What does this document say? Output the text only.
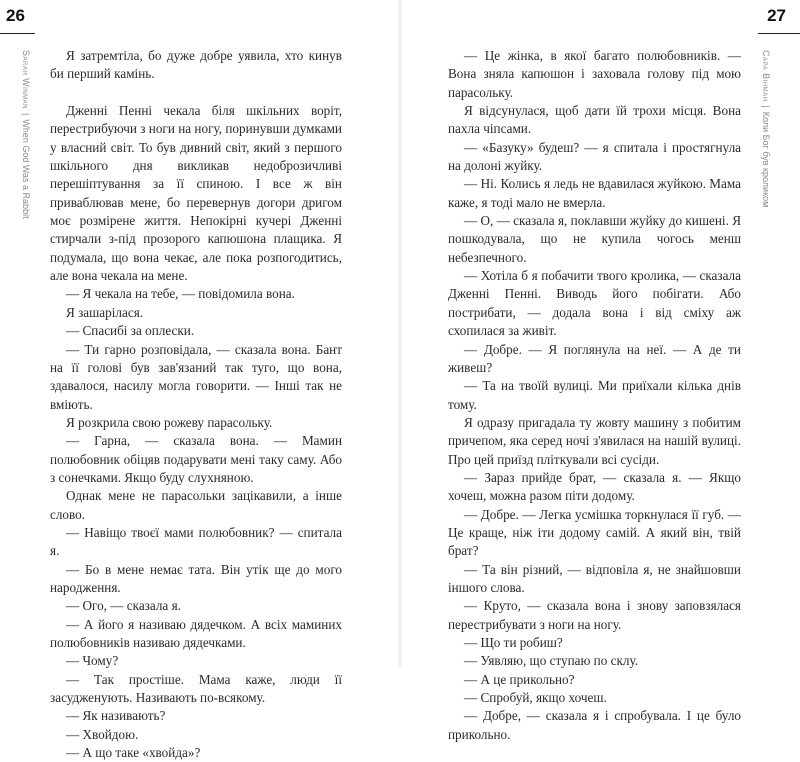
26
Sarah Winman|When God Was a Rabbit

Я затремтіла, бо дуже добре уявила, хто кинув би перший камінь.

Дженні Пенні чекала біля шкільних воріт, перестрибуючи з ноги на ногу, поринувши думками у власний світ. То був дивний світ, який з першого шкільного дня викликав недоброзичливі перешіптування за її спиною. І все ж він приваблював мене, бо перевернув догори дригом моє розмірене життя. Непокірні кучері Дженні стирчали з-під прозорого капюшона плащика. Я подумала, що вона чекає, але пока розпогодитись, але вона чекала на мене.

— Я чекала на тебе, — повідомила вона.

Я зашарілася.

— Спасибі за оплески.

— Ти гарно розповідала, — сказала вона. Бант на її голові був зав'язаний так туго, що вона, здавалося, насилу могла говорити. — Інші так не вміють.

Я розкрила свою рожеву парасольку.

— Гарна, — сказала вона. — Мамин полюбовник обіцяв подарувати мені таку саму. Або з сонечками. Якщо буду слухняною.

Однак мене не парасольки зацікавили, а інше слово.

— Навіщо твоєї мами полюбовник? — спитала я.

— Бо в мене немає тата. Він утік ще до мого народження.

— Ого, — сказала я.

— А його я називаю дядечком. А всіх маминих полюбовників називаю дядечками.

— Чому?

— Так простіше. Мама каже, люди її засудженують. Називають по-всякому.

— Як називають?

— Хвойдою.

— А що таке «хвойда»?

27
Сара Вінман|Коли Бог був кроликом

— Це жінка, в якої багато полюбовників. — Вона зняла капюшон і заховала голову під мою парасольку.

Я відсунулася, щоб дати їй трохи місця. Вона пахла чіпсами.

— «Базуку» будеш? — я спитала і простягнула на долоні жуйку.

— Ні. Колись я ледь не вдавилася жуйкою. Мама каже, я тоді мало не вмерла.

— О, — сказала я, поклавши жуйку до кишені. Я пошкодувала, що не купила чогось менш небезпечного.

— Хотіла б я побачити твого кролика, — сказала Дженні Пенні. Виводь його побігати. Або пострибати, — додала вона і від сміху аж схопилася за живіт.

— Добре. — Я поглянула на неї. — А де ти живеш?

— Та на твоїй вулиці. Ми приїхали кілька днів тому.

Я одразу пригадала ту жовту машину з побитим причепом, яка серед ночі з'явилася на нашій вулиці. Про цей приїзд пліткували всі сусіди.

— Зараз прийде брат, — сказала я. — Якщо хочеш, можна разом піти додому.

— Добре. — Легка усмішка торкнулася її губ. — Це краще, ніж іти додому самій. А який він, твій брат?

— Та він різний, — відповіла я, не знайшовши іншого слова.

— Круто, — сказала вона і знову заповзялася перестрибувати з ноги на ногу.

— Що ти робиш?

— Уявляю, що ступаю по склу.

— А це прикольно?

— Спробуй, якщо хочеш.

— Добре, — сказала я і спробувала. І це було прикольно.
